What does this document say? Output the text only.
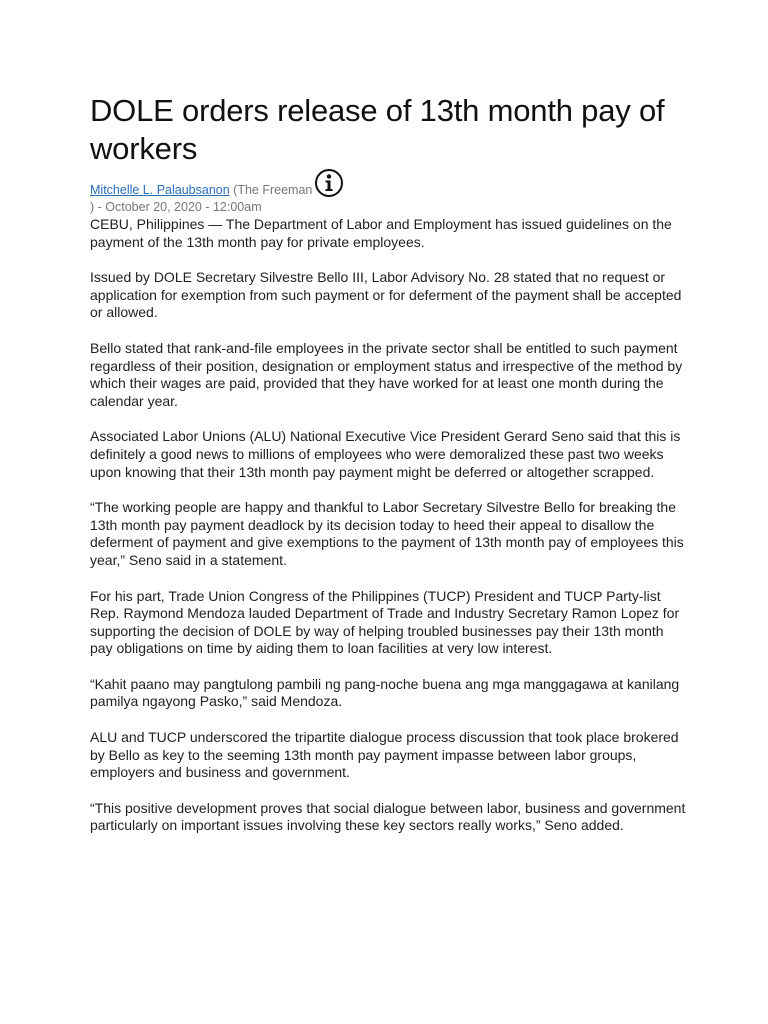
DOLE orders release of 13th month pay of workers
Mitchelle L. Palaubsanon (The Freeman
) - October 20, 2020 - 12:00am

CEBU, Philippines — The Department of Labor and Employment has issued guidelines on the payment of the 13th month pay for private employees.

Issued by DOLE Secretary Silvestre Bello III, Labor Advisory No. 28 stated that no request or application for exemption from such payment or for deferment of the payment shall be accepted or allowed.

Bello stated that rank-and-file employees in the private sector shall be entitled to such payment regardless of their position, designation or employment status and irrespective of the method by which their wages are paid, provided that they have worked for at least one month during the calendar year.

Associated Labor Unions (ALU) National Executive Vice President Gerard Seno said that this is definitely a good news to millions of employees who were demoralized these past two weeks upon knowing that their 13th month pay payment might be deferred or altogether scrapped.

“The working people are happy and thankful to Labor Secretary Silvestre Bello for breaking the 13th month pay payment deadlock by its decision today to heed their appeal to disallow the deferment of payment and give exemptions to the payment of 13th month pay of employees this year,” Seno said in a statement.

For his part, Trade Union Congress of the Philippines (TUCP) President and TUCP Party-list Rep. Raymond Mendoza lauded Department of Trade and Industry Secretary Ramon Lopez for supporting the decision of DOLE by way of helping troubled businesses pay their 13th month pay obligations on time by aiding them to loan facilities at very low interest.

“Kahit paano may pangtulong pambili ng pang-noche buena ang mga manggagawa at kanilang pamilya ngayong Pasko,” said Mendoza.

ALU and TUCP underscored the tripartite dialogue process discussion that took place brokered by Bello as key to the seeming 13th month pay payment impasse between labor groups, employers and business and government.

“This positive development proves that social dialogue between labor, business and government particularly on important issues involving these key sectors really works,” Seno added.
